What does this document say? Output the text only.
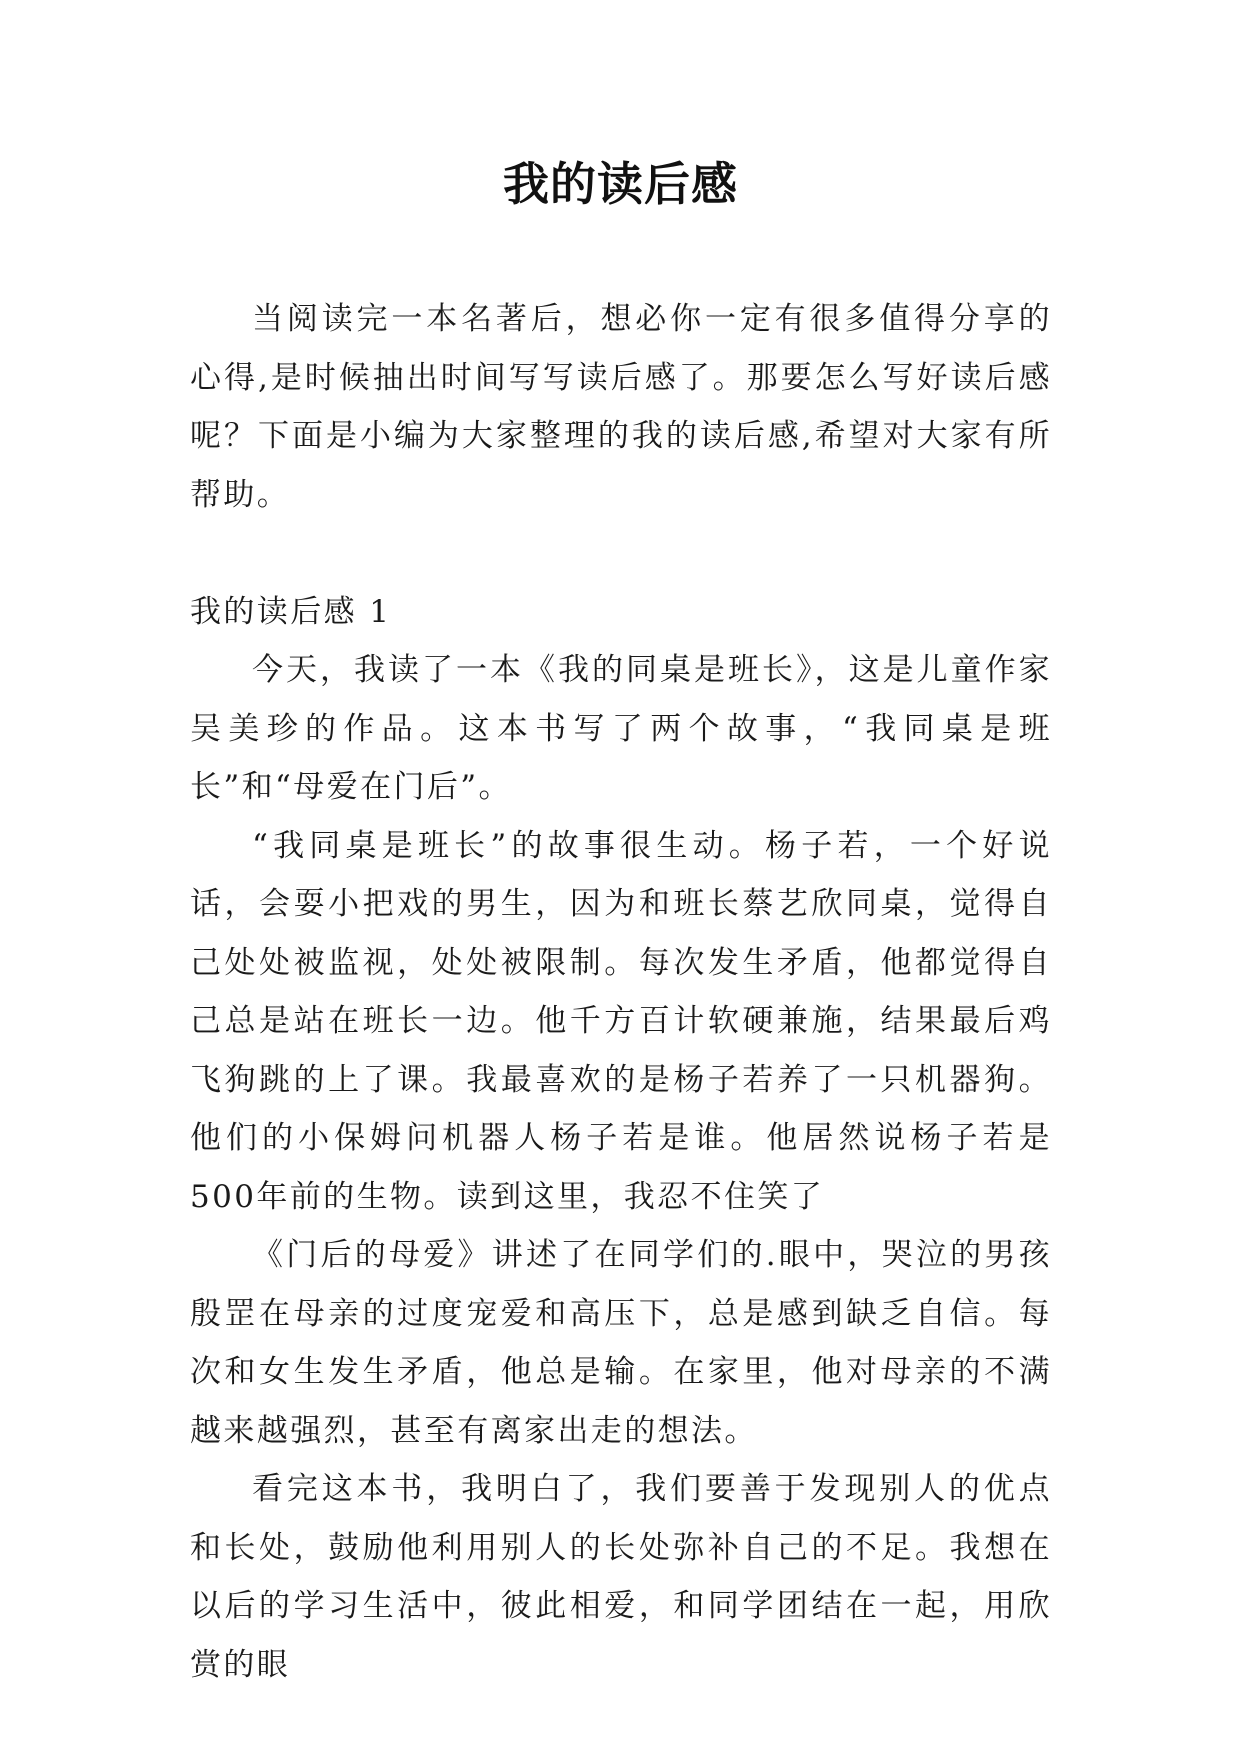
我的读后感

当阅读完一本名著后，想必你一定有很多值得分享的心得,是时候抽出时间写写读后感了。那要怎么写好读后感呢？下面是小编为大家整理的我的读后感,希望对大家有所帮助。

我的读后感 1

今天，我读了一本《我的同桌是班长》，这是儿童作家吴美珍的作品。这本书写了两个故事，“我同桌是班长”和“母爱在门后”。

“我同桌是班长”的故事很生动。杨子若，一个好说话，会耍小把戏的男生，因为和班长蔡艺欣同桌，觉得自己处处被监视，处处被限制。每次发生矛盾，他都觉得自己总是站在班长一边。他千方百计软硬兼施，结果最后鸡飞狗跳的上了课。我最喜欢的是杨子若养了一只机器狗。他们的小保姆问机器人杨子若是谁。他居然说杨子若是500年前的生物。读到这里，我忍不住笑了

《门后的母爱》讲述了在同学们的.眼中，哭泣的男孩殷罡在母亲的过度宠爱和高压下，总是感到缺乏自信。每次和女生发生矛盾，他总是输。在家里，他对母亲的不满越来越强烈，甚至有离家出走的想法。

看完这本书，我明白了，我们要善于发现别人的优点和长处，鼓励他利用别人的长处弥补自己的不足。我想在以后的学习生活中，彼此相爱，和同学团结在一起，用欣赏的眼
